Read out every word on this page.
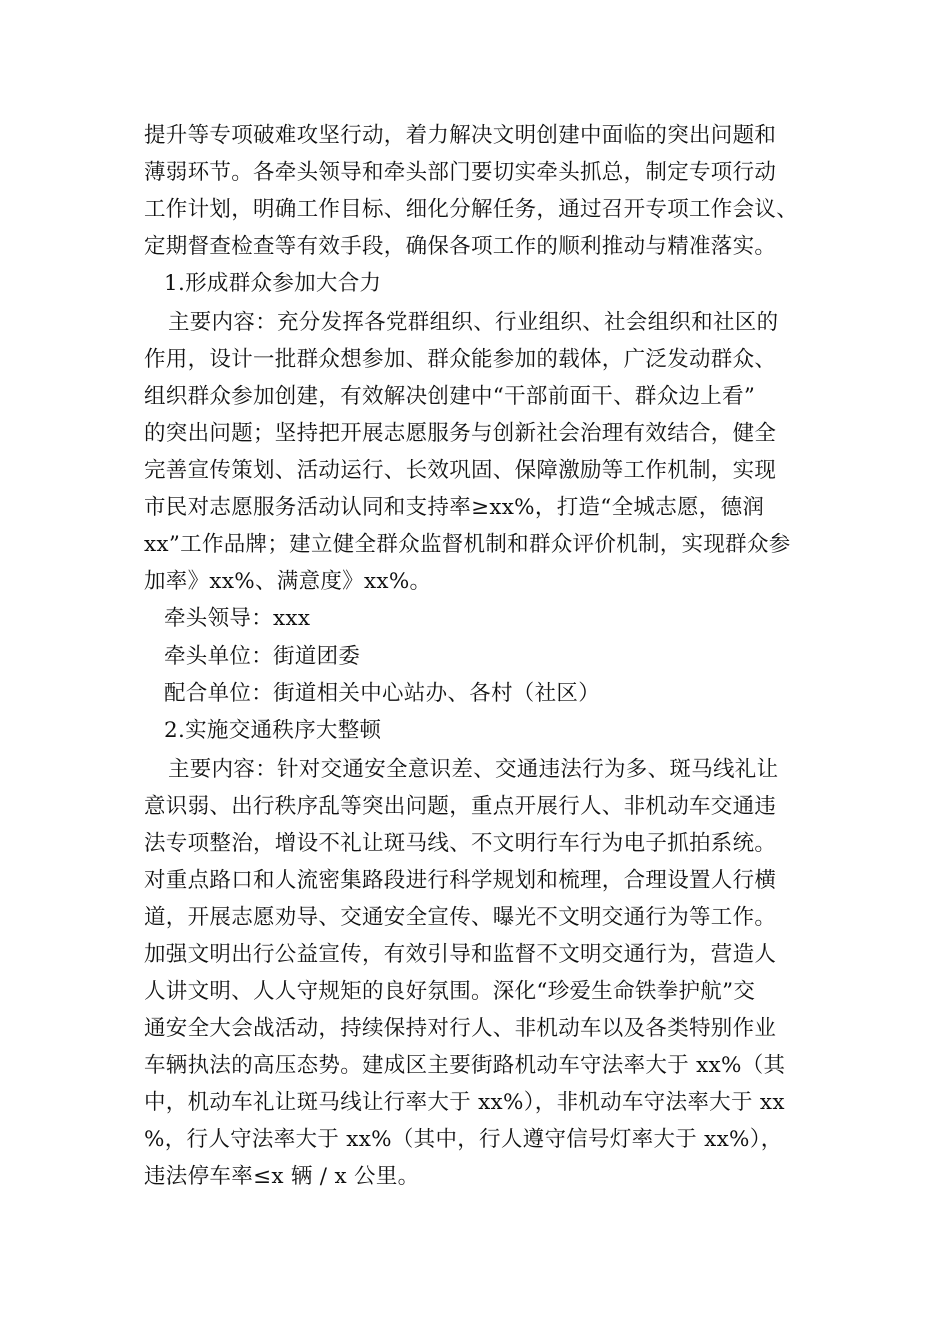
提升等专项破难攻坚行动，着力解决文明创建中面临的突出问题和
薄弱环节。各牵头领导和牵头部门要切实牵头抓总，制定专项行动
工作计划，明确工作目标、细化分解任务，通过召开专项工作会议、
定期督查检查等有效手段，确保各项工作的顺利推动与精准落实。
1.形成群众参加大合力
主要内容：充分发挥各党群组织、行业组织、社会组织和社区的
作用，设计一批群众想参加、群众能参加的载体，广泛发动群众、
组织群众参加创建，有效解决创建中“干部前面干、群众边上看”
的突出问题；坚持把开展志愿服务与创新社会治理有效结合，健全
完善宣传策划、活动运行、长效巩固、保障激励等工作机制，实现
市民对志愿服务活动认同和支持率≥xx%，打造“全城志愿，德润
xx”工作品牌；建立健全群众监督机制和群众评价机制，实现群众参
加率》xx%、满意度》xx%。
牵头领导：xxx
牵头单位：街道团委
配合单位：街道相关中心站办、各村（社区）
2.实施交通秩序大整顿
主要内容：针对交通安全意识差、交通违法行为多、斑马线礼让
意识弱、出行秩序乱等突出问题，重点开展行人、非机动车交通违
法专项整治，增设不礼让斑马线、不文明行车行为电子抓拍系统。
对重点路口和人流密集路段进行科学规划和梳理，合理设置人行横
道，开展志愿劝导、交通安全宣传、曝光不文明交通行为等工作。
加强文明出行公益宣传，有效引导和监督不文明交通行为，营造人
人讲文明、人人守规矩的良好氛围。深化“珍爱生命铁拳护航”交
通安全大会战活动，持续保持对行人、非机动车以及各类特别作业
车辆执法的高压态势。建成区主要街路机动车守法率大于 xx%（其
中，机动车礼让斑马线让行率大于 xx%），非机动车守法率大于 xx
%，行人守法率大于 xx%（其中，行人遵守信号灯率大于 xx%），
违法停车率≤x 辆 / x 公里。
